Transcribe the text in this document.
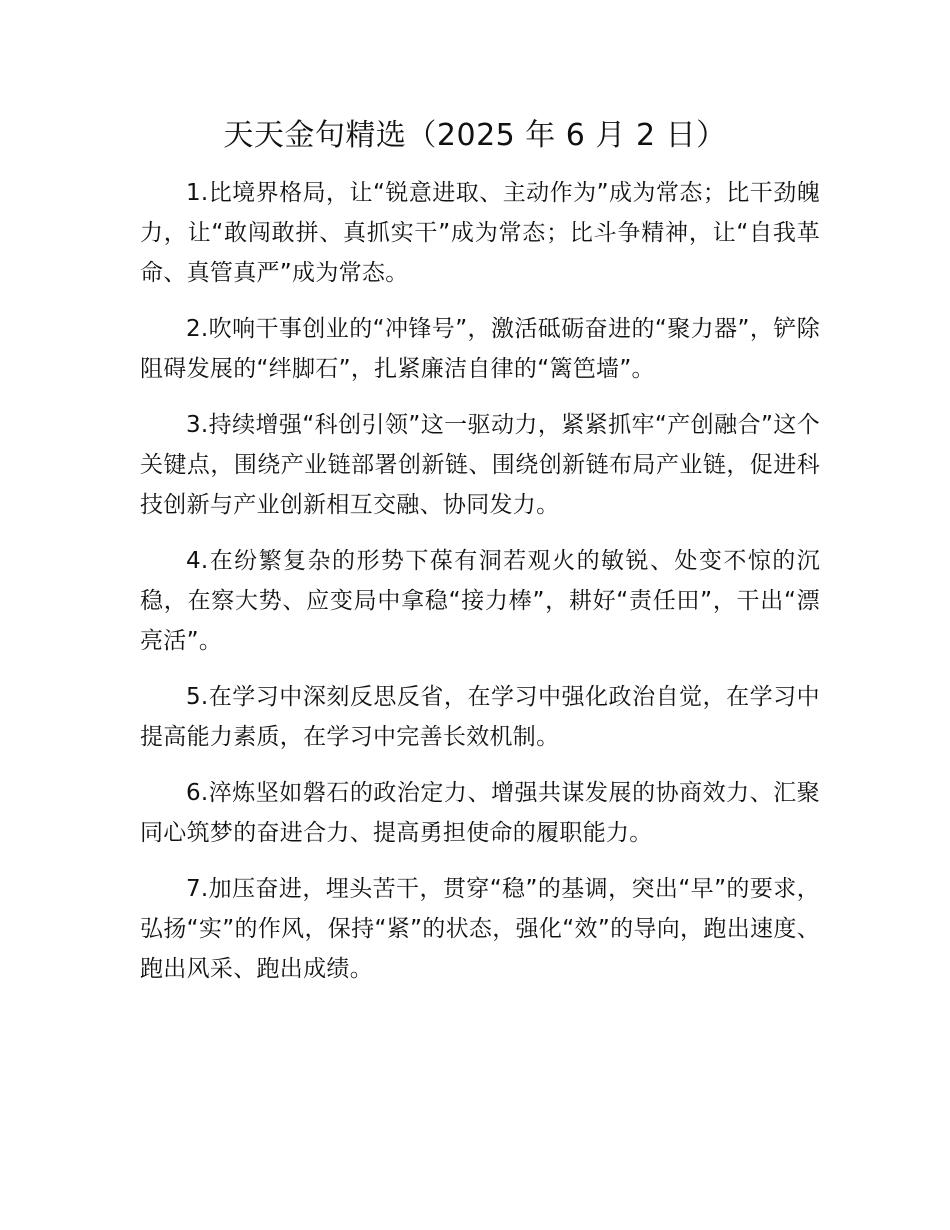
天天金句精选（2025 年 6 月 2 日）

1.比境界格局，让“锐意进取、主动作为”成为常态；比干劲魄力，让“敢闯敢拼、真抓实干”成为常态；比斗争精神，让“自我革命、真管真严”成为常态。

2.吹响干事创业的“冲锋号”，激活砥砺奋进的“聚力器”，铲除阻碍发展的“绊脚石”，扎紧廉洁自律的“篱笆墙”。

3.持续增强“科创引领”这一驱动力，紧紧抓牢“产创融合”这个关键点，围绕产业链部署创新链、围绕创新链布局产业链，促进科技创新与产业创新相互交融、协同发力。

4.在纷繁复杂的形势下葆有洞若观火的敏锐、处变不惊的沉稳，在察大势、应变局中拿稳“接力棒”，耕好“责任田”，干出“漂亮活”。

5.在学习中深刻反思反省，在学习中强化政治自觉，在学习中提高能力素质，在学习中完善长效机制。

6.淬炼坚如磐石的政治定力、增强共谋发展的协商效力、汇聚同心筑梦的奋进合力、提高勇担使命的履职能力。

7.加压奋进，埋头苦干，贯穿“稳”的基调，突出“早”的要求，弘扬“实”的作风，保持“紧”的状态，强化“效”的导向，跑出速度、跑出风采、跑出成绩。
